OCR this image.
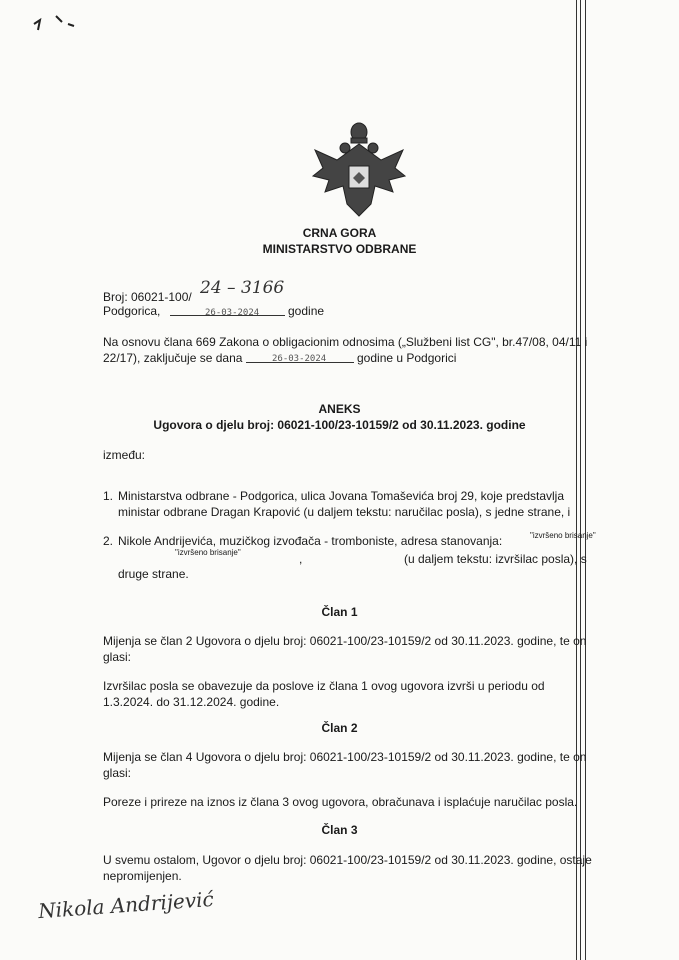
CRNA GORA
MINISTARSTVO ODBRANE
Broj: 06021-100/ 24 – 3166
Podgorica,	26-03-2024 godine
Na osnovu člana 669 Zakona o obligacionim odnosima („Službeni list CG", br.47/08, 04/11 i
22/17), zaključuje se dana	26-03-2024	godine u Podgorici
ANEKS
Ugovora o djelu broj: 06021-100/23-10159/2 od 30.11.2023. godine
između:
1. Ministarstva odbrane - Podgorica, ulica Jovana Tomaševića broj 29, koje predstavlja
ministar odbrane Dragan Krapović (u daljem tekstu: naručilac posla), s jedne strane, i
2. Nikole Andrijevića, muzičkog izvođača - tromboniste, adresa stanovanja:	"izvršeno brisanje"
"izvršeno brisanje"	,	(u daljem tekstu: izvršilac posla), s
druge strane.
Član 1
Mijenja se član 2 Ugovora o djelu broj: 06021-100/23-10159/2 od 30.11.2023. godine, te on
glasi:
Izvršilac posla se obavezuje da poslove iz člana 1 ovog ugovora izvrši u periodu od
1.3.2024. do 31.12.2024. godine.
Član 2
Mijenja se član 4 Ugovora o djelu broj: 06021-100/23-10159/2 od 30.11.2023. godine, te on
glasi:
Poreze i prireze na iznos iz člana 3 ovog ugovora, obračunava i isplaćuje naručilac posla.
Član 3
U svemu ostalom, Ugovor o djelu broj: 06021-100/23-10159/2 od 30.11.2023. godine, ostaje
nepromijenjen.
Nikola Andrijević
